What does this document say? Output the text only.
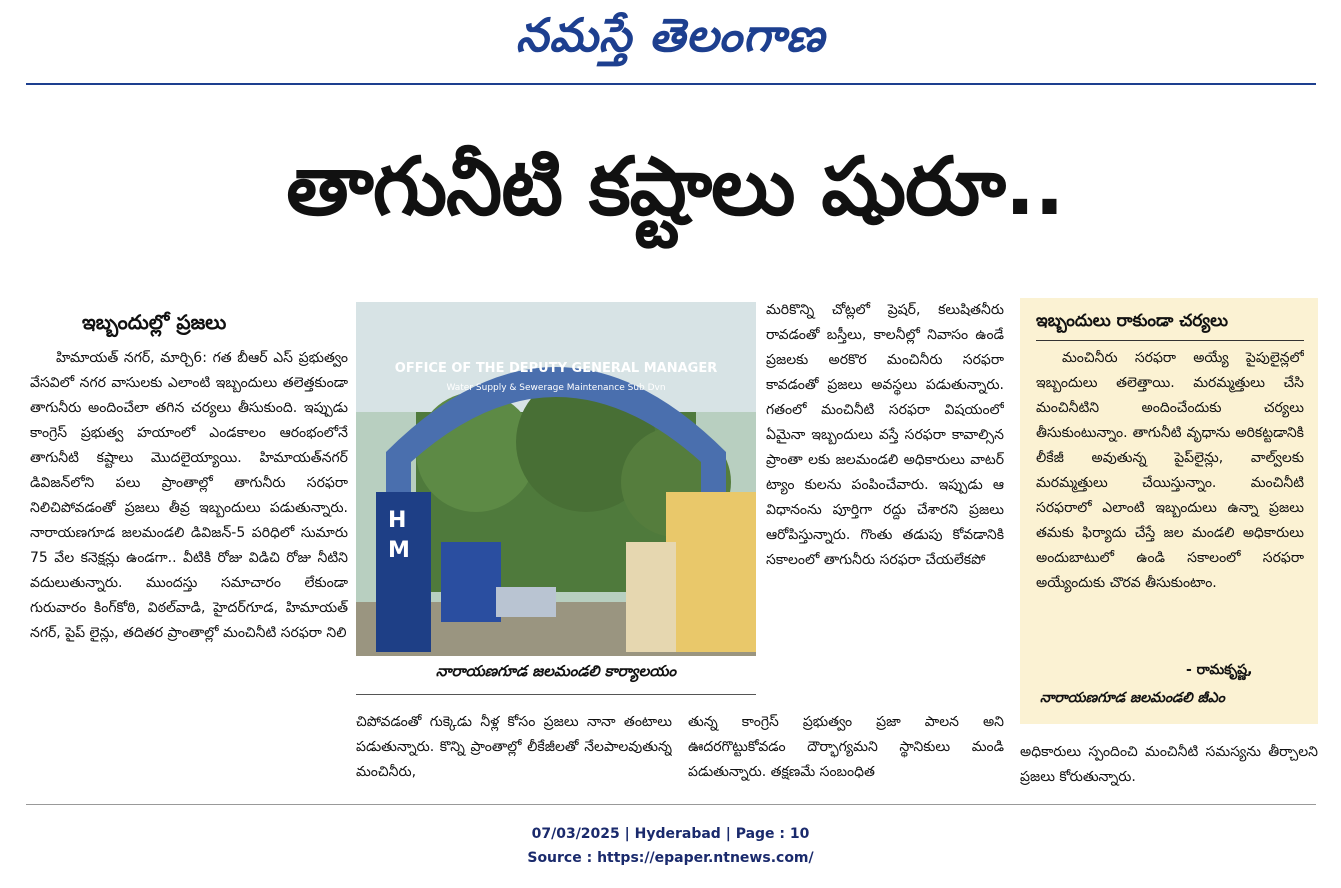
నమస్తే తెలంగాణ
తాగునీటి కష్టాలు షురూ..
ఇబ్బందుల్లో ప్రజలు

హిమాయత్ నగర్, మార్చి6: గత బీఆర్ ఎస్ ప్రభుత్వం వేసవిలో నగర వాసులకు ఎలాంటి ఇబ్బందులు తలెత్తకుండా తాగునీరు అందించేలా తగిన చర్యలు తీసుకుంది. ఇప్పుడు కాంగ్రెస్ ప్రభుత్వ హయాంలో ఎండకాలం ఆరంభంలోనే తాగునీటి కష్టాలు మొదలైయ్యాయి. హిమాయత్‌నగర్ డివిజన్‌లోని పలు ప్రాంతాల్లో తాగునీరు సరఫరా నిలిచిపోవడంతో ప్రజలు తీవ్ర ఇబ్బందులు పడుతున్నారు. నారాయణగూడ జలమండలి డివిజన్-5 పరిధిలో సుమారు 75 వేల కనెక్షన్లు ఉండగా.. వీటికి రోజు విడిచి రోజు నీటిని వదులుతున్నారు. ముందస్తు సమాచారం లేకుండా గురువారం కింగ్‌కోఠి, విఠల్‌వాడి, హైదర్‌గూడ, హిమాయత్ నగర్, పైప్ లైన్లు, తదితర ప్రాంతాల్లో మంచినీటి సరఫరా నిలి

H
M
OFFICE OF THE DEPUTY GENERAL MANAGER
Water Supply & Sewerage Maintenance Sub Dvn
నారాయణగూడ జలమండలి కార్యాలయం

చిపోవడంతో గుక్కెడు నీళ్ల కోసం ప్రజలు నానా తంటాలు పడుతున్నారు. కొన్ని ప్రాంతాల్లో లీకేజీలతో నేలపాలవుతున్న మంచినీరు,

మరికొన్ని చోట్లలో ప్రెషర్, కలుషితనీరు రావడంతో బస్తీలు, కాలనీల్లో నివాసం ఉండే ప్రజలకు అరకొర మంచినీరు సరఫరా కావడంతో ప్రజలు అవస్థలు పడుతున్నారు. గతంలో మంచినీటి సరఫరా విషయంలో ఏమైనా ఇబ్బందులు వస్తే సరఫరా కావాల్సిన ప్రాంతా లకు జలమండలి అధికారులు వాటర్ ట్యాం కులను పంపించేవారు. ఇప్పుడు ఆ విధానంను పూర్తిగా రద్దు చేశారని ప్రజలు ఆరోపిస్తున్నారు. గొంతు తడుపు కోవడానికి సకాలంలో తాగునీరు సరఫరా చేయలేకపో

తున్న కాంగ్రెస్ ప్రభుత్వం ప్రజా పాలన అని ఊదరగొట్టుకోవడం దౌర్భాగ్యమని స్థానికులు మండి పడుతున్నారు. తక్షణమే సంబంధిత

ఇబ్బందులు రాకుండా చర్యలు

మంచినీరు సరఫరా అయ్యే పైపులైన్లలో ఇబ్బందులు తలెత్తాయి. మరమ్మత్తులు చేసి మంచినీటిని అందించేందుకు చర్యలు తీసుకుంటున్నాం. తాగునీటి వృధాను అరికట్టడానికి లీకేజీ అవుతున్న పైప్‌లైన్లు, వాల్వ్‌లకు మరమ్మత్తులు చేయిస్తున్నాం. మంచినీటి సరఫరాలో ఎలాంటి ఇబ్బందులు ఉన్నా ప్రజలు తమకు ఫిర్యాదు చేస్తే జల మండలి అధికారులు అందుబాటులో ఉండి సకాలంలో సరఫరా అయ్యేందుకు చొరవ తీసుకుంటాం.

- రామకృష్ణ,
నారాయణగూడ జలమండలి జీఎం

అధికారులు స్పందించి మంచినీటి సమస్యను తీర్చాలని ప్రజలు కోరుతున్నారు.

07/03/2025 | Hyderabad | Page : 10
Source : https://epaper.ntnews.com/
